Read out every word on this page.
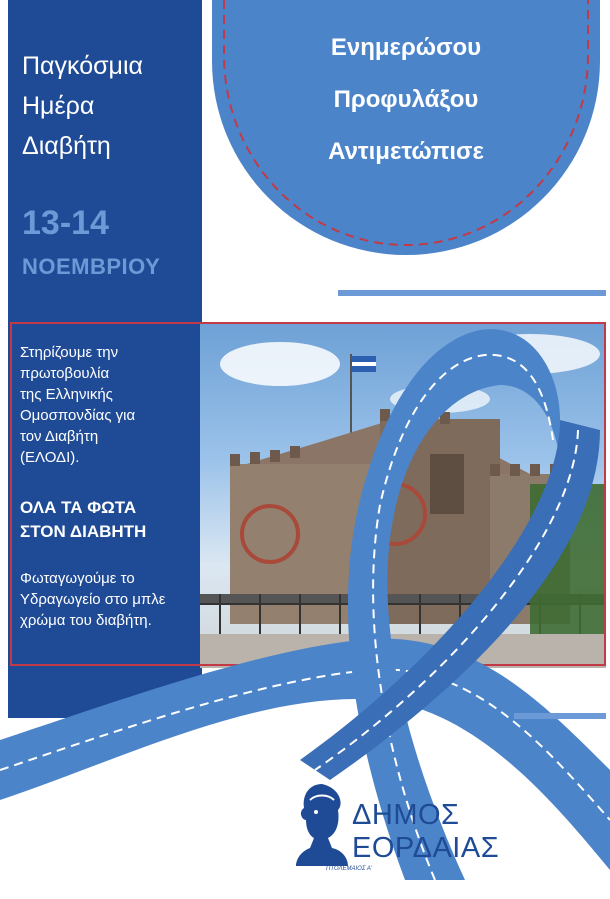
Παγκόσμια
Ημέρα
Διαβήτη
13-14
ΝΟΕΜΒΡΙΟΥ
Ενημερώσου
Προφυλάξου
Αντιμετώπισε
Στηρίζουμε την
πρωτοβουλία
της Ελληνικής
Ομοσπονδίας για
τον Διαβήτη
(ΕΛΟΔΙ).
ΟΛΑ ΤΑ ΦΩΤΑ
ΣΤΟΝ ΔΙΑΒΗΤΗ
Φωταγωγούμε το
Υδραγωγείο στο μπλε
χρώμα του διαβήτη.
ΔΗΜΟΣ
ΕΟΡΔΑΙΑΣ
ΠΤΟΛΕΜΑΙΟΣ Α'
